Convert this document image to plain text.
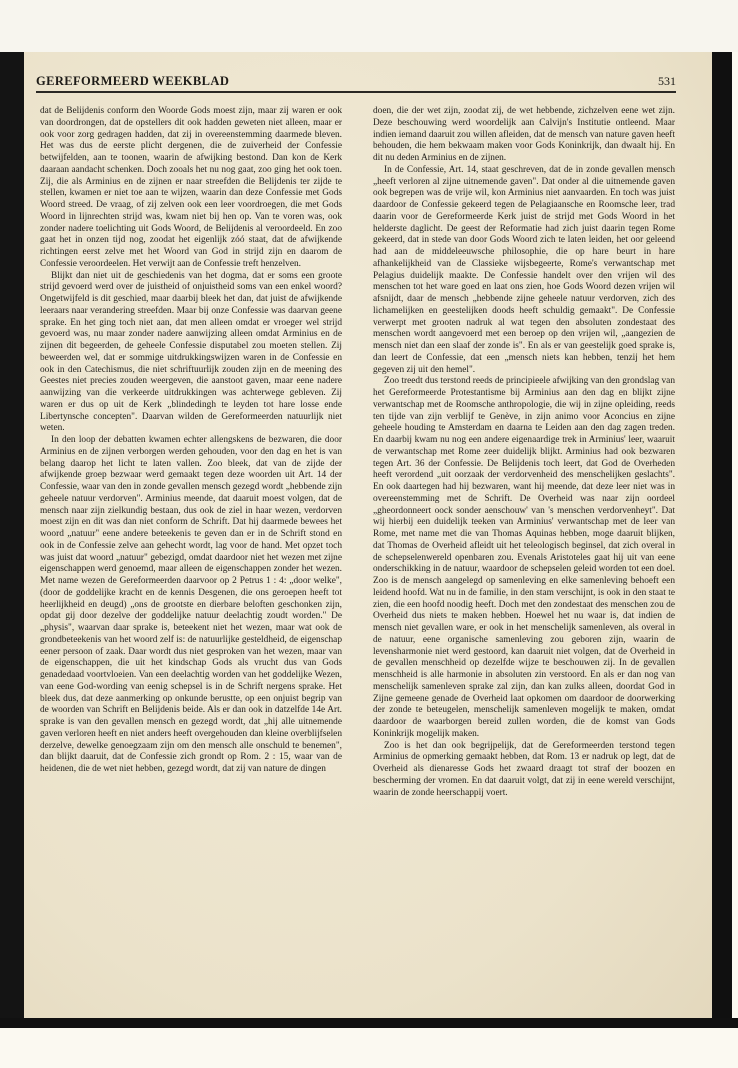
GEREFORMEERD WEEKBLAD	531

dat de Belijdenis conform den Woorde Gods moest zijn, maar zij waren er ook van doordrongen, dat de opstellers dit ook hadden geweten niet alleen, maar er ook voor zorg gedragen hadden, dat zij in overeenstemming daarmede bleven. Het was dus de eerste plicht dergenen, die de zuiverheid der Confessie betwijfelden, aan te toonen, waarin de afwijking bestond. Dan kon de Kerk daaraan aandacht schenken. Doch zooals het nu nog gaat, zoo ging het ook toen. Zij, die als Arminius en de zijnen er naar streefden die Belijdenis ter zijde te stellen, kwamen er niet toe aan te wijzen, waarin dan deze Confessie met Gods Woord streed. De vraag, of zij zelven ook een leer voordroegen, die met Gods Woord in lijnrechten strijd was, kwam niet bij hen op. Van te voren was, ook zonder nadere toelichting uit Gods Woord, de Belijdenis al veroordeeld. En zoo gaat het in onzen tijd nog, zoodat het eigenlijk zóó staat, dat de afwijkende richtingen eerst zelve met het Woord van God in strijd zijn en daarom de Confessie veroordeelen. Het verwijt aan de Confessie treft henzelven.

Blijkt dan niet uit de geschiedenis van het dogma, dat er soms een groote strijd gevoerd werd over de juistheid of onjuistheid soms van een enkel woord? Ongetwijfeld is dit geschied, maar daarbij bleek het dan, dat juist de afwijkende leeraars naar verandering streefden. Maar bij onze Confessie was daarvan geene sprake. En het ging toch niet aan, dat men alleen omdat er vroeger wel strijd gevoerd was, nu maar zonder nadere aanwijzing alleen omdat Arminius en de zijnen dit begeerden, de geheele Confessie disputabel zou moeten stellen. Zij beweerden wel, dat er sommige uitdrukkingswijzen waren in de Confessie en ook in den Catechismus, die niet schriftuurlijk zouden zijn en de meening des Geestes niet precies zouden weergeven, die aanstoot gaven, maar eene nadere aanwijzing van die verkeerde uitdrukkingen was achterwege gebleven. Zij waren er dus op uit de Kerk „blindedingh te leyden tot hare losse ende Libertynsche concepten". Daarvan wilden de Gereformeerden natuurlijk niet weten.

In den loop der debatten kwamen echter allengskens de bezwaren, die door Arminius en de zijnen verborgen werden gehouden, voor den dag en het is van belang daarop het licht te laten vallen. Zoo bleek, dat van de zijde der afwijkende groep bezwaar werd gemaakt tegen deze woorden uit Art. 14 der Confessie, waar van den in zonde gevallen mensch gezegd wordt „hebbende zijn geheele natuur verdorven". Arminius meende, dat daaruit moest volgen, dat de mensch naar zijn zielkundig bestaan, dus ook de ziel in haar wezen, verdorven moest zijn en dit was dan niet conform de Schrift. Dat hij daarmede bewees het woord „natuur" eene andere beteekenis te geven dan er in de Schrift stond en ook in de Confessie zelve aan gehecht wordt, lag voor de hand. Met opzet toch was juist dat woord „natuur" gebezigd, omdat daardoor niet het wezen met zijne eigenschappen werd genoemd, maar alleen de eigenschappen zonder het wezen. Met name wezen de Gereformeerden daarvoor op 2 Petrus 1 : 4: „door welke", (door de goddelijke kracht en de kennis Desgenen, die ons geroepen heeft tot heerlijkheid en deugd) „ons de grootste en dierbare beloften geschonken zijn, opdat gij door dezelve der goddelijke natuur deelachtig zoudt worden." De „physis", waarvan daar sprake is, beteekent niet het wezen, maar wat ook de grondbeteekenis van het woord zelf is: de natuurlijke gesteldheid, de eigenschap eener persoon of zaak. Daar wordt dus niet gesproken van het wezen, maar van de eigenschappen, die uit het kindschap Gods als vrucht dus van Gods genadedaad voortvloeien. Van een deelachtig worden van het goddelijke Wezen, van eene God-wording van eenig schepsel is in de Schrift nergens sprake. Het bleek dus, dat deze aanmerking op onkunde berustte, op een onjuist begrip van de woorden van Schrift en Belijdenis beide. Als er dan ook in datzelfde 14e Art. sprake is van den gevallen mensch en gezegd wordt, dat „hij alle uitnemende gaven verloren heeft en niet anders heeft overgehouden dan kleine overblijfselen derzelve, dewelke genoegzaam zijn om den mensch alle onschuld te benemen", dan blijkt daaruit, dat de Confessie zich grondt op Rom. 2 : 15, waar van de heidenen, die de wet niet hebben, gezegd wordt, dat zij van nature de dingen

doen, die der wet zijn, zoodat zij, de wet hebbende, zichzelven eene wet zijn. Deze beschouwing werd woordelijk aan Calvijn's Institutie ontleend. Maar indien iemand daaruit zou willen afleiden, dat de mensch van nature gaven heeft behouden, die hem bekwaam maken voor Gods Koninkrijk, dan dwaalt hij. En dit nu deden Arminius en de zijnen.

In de Confessie, Art. 14, staat geschreven, dat de in zonde gevallen mensch „heeft verloren al zijne uitnemende gaven". Dat onder al die uitnemende gaven ook begrepen was de vrije wil, kon Arminius niet aanvaarden. En toch was juist daardoor de Confessie gekeerd tegen de Pelagiaansche en Roomsche leer, trad daarin voor de Gereformeerde Kerk juist de strijd met Gods Woord in het helderste daglicht. De geest der Reformatie had zich juist daarin tegen Rome gekeerd, dat in stede van door Gods Woord zich te laten leiden, het oor geleend had aan de middeleeuwsche philosophie, die op hare beurt in hare afhankelijkheid van de Classieke wijsbegeerte, Rome's verwantschap met Pelagius duidelijk maakte. De Confessie handelt over den vrijen wil des menschen tot het ware goed en laat ons zien, hoe Gods Woord dezen vrijen wil afsnijdt, daar de mensch „hebbende zijne geheele natuur verdorven, zich des lichamelijken en geestelijken doods heeft schuldig gemaakt". De Confessie verwerpt met grooten nadruk al wat tegen den absoluten zondestaat des menschen wordt aangevoerd met een beroep op den vrijen wil, „aangezien de mensch niet dan een slaaf der zonde is". En als er van geestelijk goed sprake is, dan leert de Confessie, dat een „mensch niets kan hebben, tenzij het hem gegeven zij uit den hemel".

Zoo treedt dus terstond reeds de principieele afwijking van den grondslag van het Gereformeerde Protestantisme bij Arminius aan den dag en blijkt zijne verwantschap met de Roomsche anthropologie, die wij in zijne opleiding, reeds ten tijde van zijn verblijf te Genève, in zijn animo voor Aconcius en zijne geheele houding te Amsterdam en daarna te Leiden aan den dag zagen treden. En daarbij kwam nu nog een andere eigenaardige trek in Arminius' leer, waaruit de verwantschap met Rome zeer duidelijk blijkt. Arminius had ook bezwaren tegen Art. 36 der Confessie. De Belijdenis toch leert, dat God de Overheden heeft verordend „uit oorzaak der verdorvenheid des menschelijken geslachts". En ook daartegen had hij bezwaren, want hij meende, dat deze leer niet was in overeenstemming met de Schrift. De Overheid was naar zijn oordeel „gheordonneert oock sonder aenschouw' van 's menschen verdorvenheyt". Dat wij hierbij een duidelijk teeken van Arminius' verwantschap met de leer van Rome, met name met die van Thomas Aquinas hebben, moge daaruit blijken, dat Thomas de Overheid afleidt uit het teleologisch beginsel, dat zich overal in de schepselenwereld openbaren zou. Evenals Aristoteles gaat hij uit van eene onderschikking in de natuur, waardoor de schepselen geleid worden tot een doel. Zoo is de mensch aangelegd op samenleving en elke samenleving behoeft een leidend hoofd. Wat nu in de familie, in den stam verschijnt, is ook in den staat te zien, die een hoofd noodig heeft. Doch met den zondestaat des menschen zou de Overheid dus niets te maken hebben. Hoewel het nu waar is, dat indien de mensch niet gevallen ware, er ook in het menschelijk samenleven, als overal in de natuur, eene organische samenleving zou geboren zijn, waarin de levensharmonie niet werd gestoord, kan daaruit niet volgen, dat de Overheid in de gevallen menschheid op dezelfde wijze te beschouwen zij. In de gevallen menschheid is alle harmonie in absoluten zin verstoord. En als er dan nog van menschelijk samenleven sprake zal zijn, dan kan zulks alleen, doordat God in Zijne gemeene genade de Overheid laat opkomen om daardoor de doorwerking der zonde te beteugelen, menschelijk samenleven mogelijk te maken, omdat daardoor de waarborgen bereid zullen worden, die de komst van Gods Koninkrijk mogelijk maken.

Zoo is het dan ook begrijpelijk, dat de Gereformeerden terstond tegen Arminius de opmerking gemaakt hebben, dat Rom. 13 er nadruk op legt, dat de Overheid als dienaresse Gods het zwaard draagt tot straf der boozen en bescherming der vromen. En dat daaruit volgt, dat zij in eene wereld verschijnt, waarin de zonde heerschappij voert.
